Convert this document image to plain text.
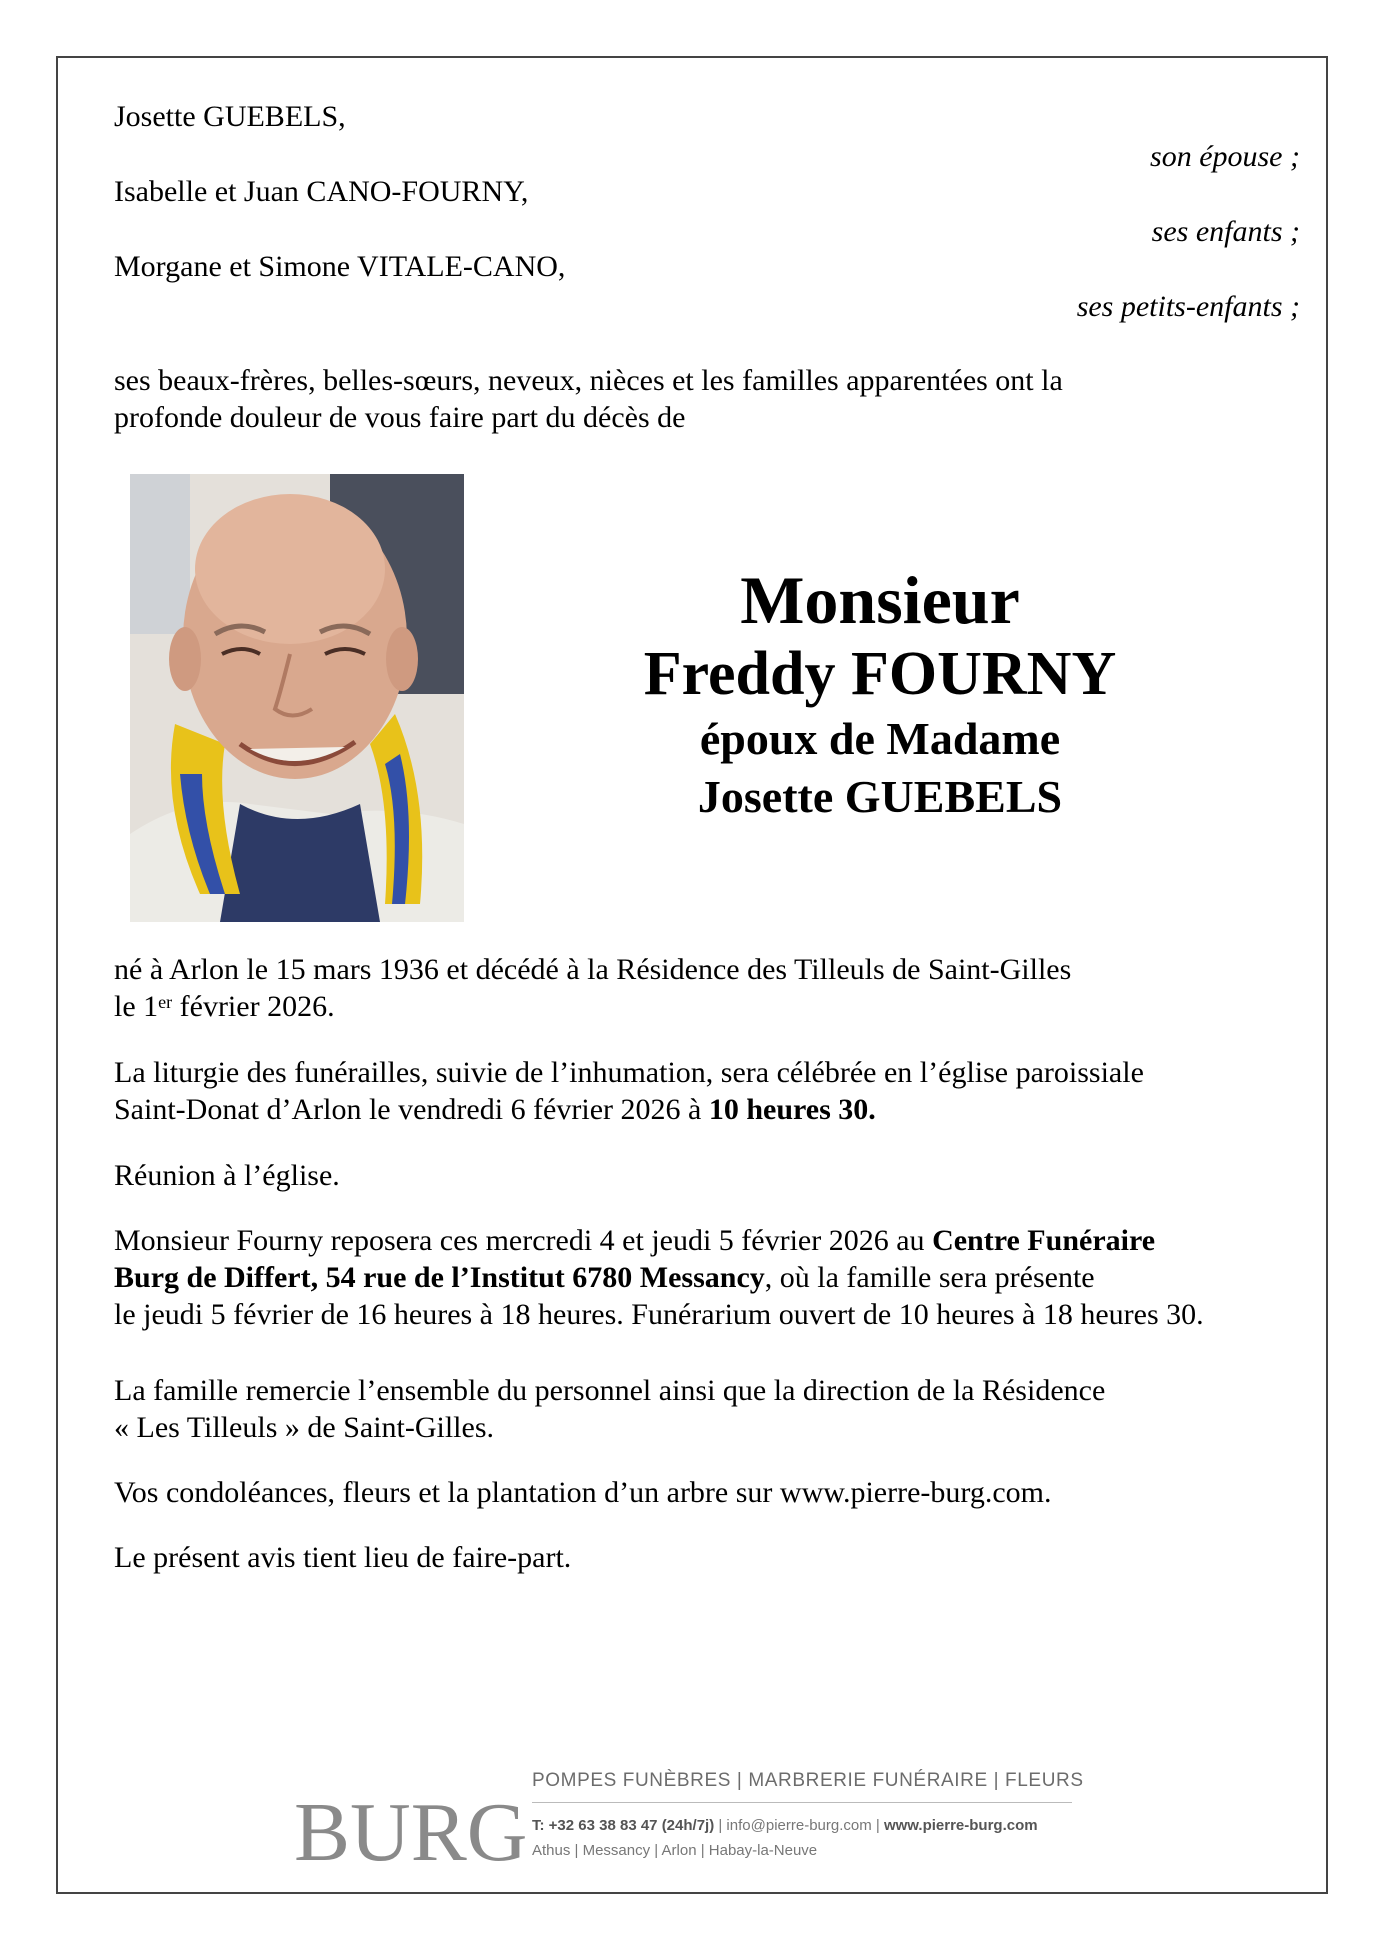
Josette GUEBELS,
son épouse ;
Isabelle et Juan CANO-FOURNY,
ses enfants ;
Morgane et Simone VITALE-CANO,
ses petits-enfants ;
ses beaux-frères, belles-sœurs, neveux, nièces et les familles apparentées ont la
profonde douleur de vous faire part du décès de
Monsieur
Freddy FOURNY
époux de Madame
Josette GUEBELS
né à Arlon le 15 mars 1936 et décédé à la Résidence des Tilleuls de Saint-Gilles
le 1er février 2026.
La liturgie des funérailles, suivie de l’inhumation, sera célébrée en l’église paroissiale
Saint-Donat d’Arlon le vendredi 6 février 2026 à 10 heures 30.
Réunion à l’église.
Monsieur Fourny reposera ces mercredi 4 et jeudi 5 février 2026 au Centre Funéraire
Burg de Differt, 54 rue de l’Institut 6780 Messancy, où la famille sera présente
le jeudi 5 février de 16 heures à 18 heures. Funérarium ouvert de 10 heures à 18 heures 30.
La famille remercie l’ensemble du personnel ainsi que la direction de la Résidence
« Les Tilleuls » de Saint-Gilles.
Vos condoléances, fleurs et la plantation d’un arbre sur www.pierre-burg.com.
Le présent avis tient lieu de faire-part.
BURG
POMPES FUNÈBRES | MARBRERIE FUNÉRAIRE | FLEURS
T: +32 63 38 83 47 (24h/7j) | info@pierre-burg.com | www.pierre-burg.com
Athus | Messancy | Arlon | Habay-la-Neuve
